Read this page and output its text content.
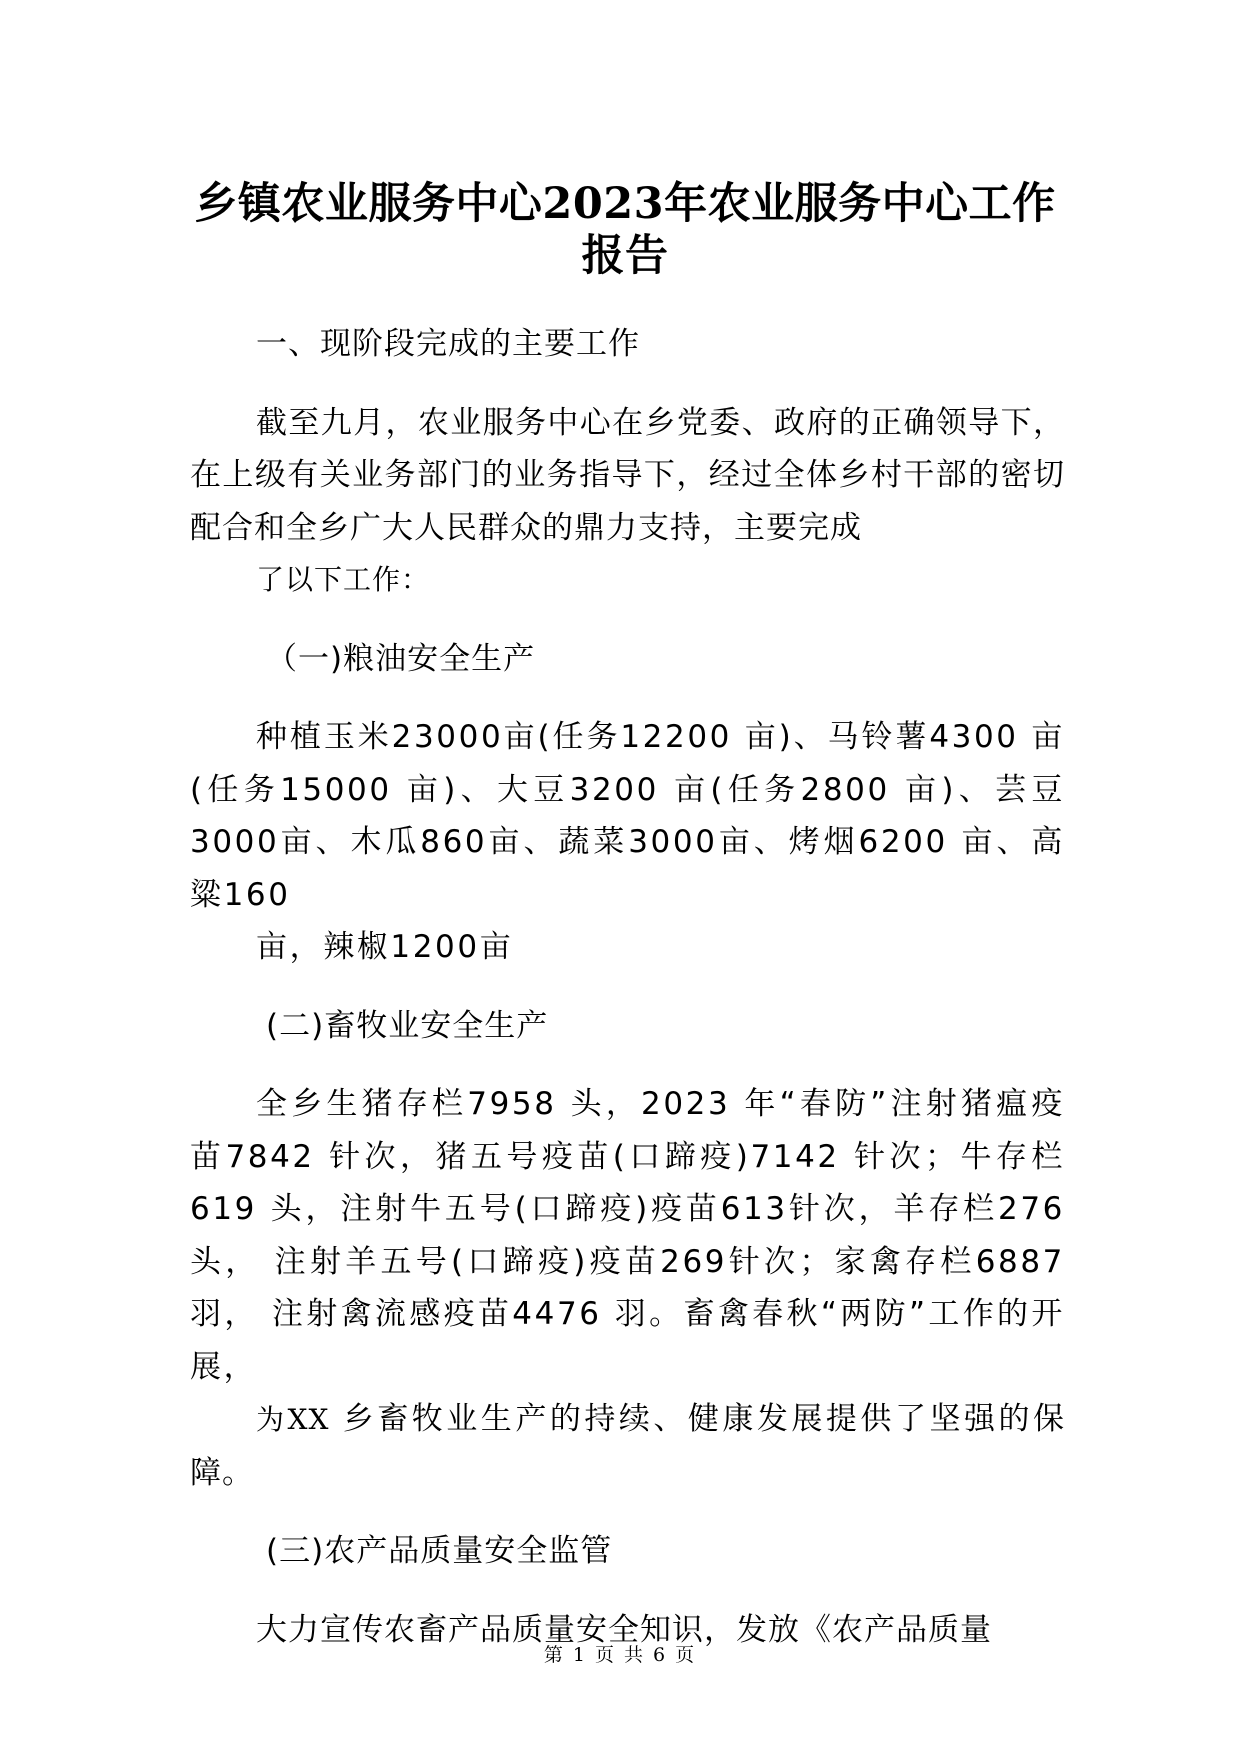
乡镇农业服务中心2023年农业服务中心工作报告

一、现阶段完成的主要工作

截至九月，农业服务中心在乡党委、政府的正确领导下，在上级有关业务部门的业务指导下，经过全体乡村干部的密切配合和全乡广大人民群众的鼎力支持，主要完成
了以下工作：

（一)粮油安全生产

种植玉米23000亩(任务12200 亩)、马铃薯4300 亩 (任务15000 亩)、大豆3200 亩(任务2800 亩)、芸豆 3000亩、木瓜860亩、蔬菜3000亩、烤烟6200 亩、高粱160
亩，辣椒1200亩

(二)畜牧业安全生产

全乡生猪存栏7958 头，2023 年“春防”注射猪瘟疫苗7842 针次，猪五号疫苗(口蹄疫)7142 针次；牛存栏619 头，注射牛五号(口蹄疫)疫苗613针次，羊存栏276头， 注射羊五号(口蹄疫)疫苗269针次；家禽存栏6887羽， 注射禽流感疫苗4476 羽。畜禽春秋“两防”工作的开展，
为XX 乡畜牧业生产的持续、健康发展提供了坚强的保障。

(三)农产品质量安全监管

大力宣传农畜产品质量安全知识，发放《农产品质量

第 1 页 共 6 页
